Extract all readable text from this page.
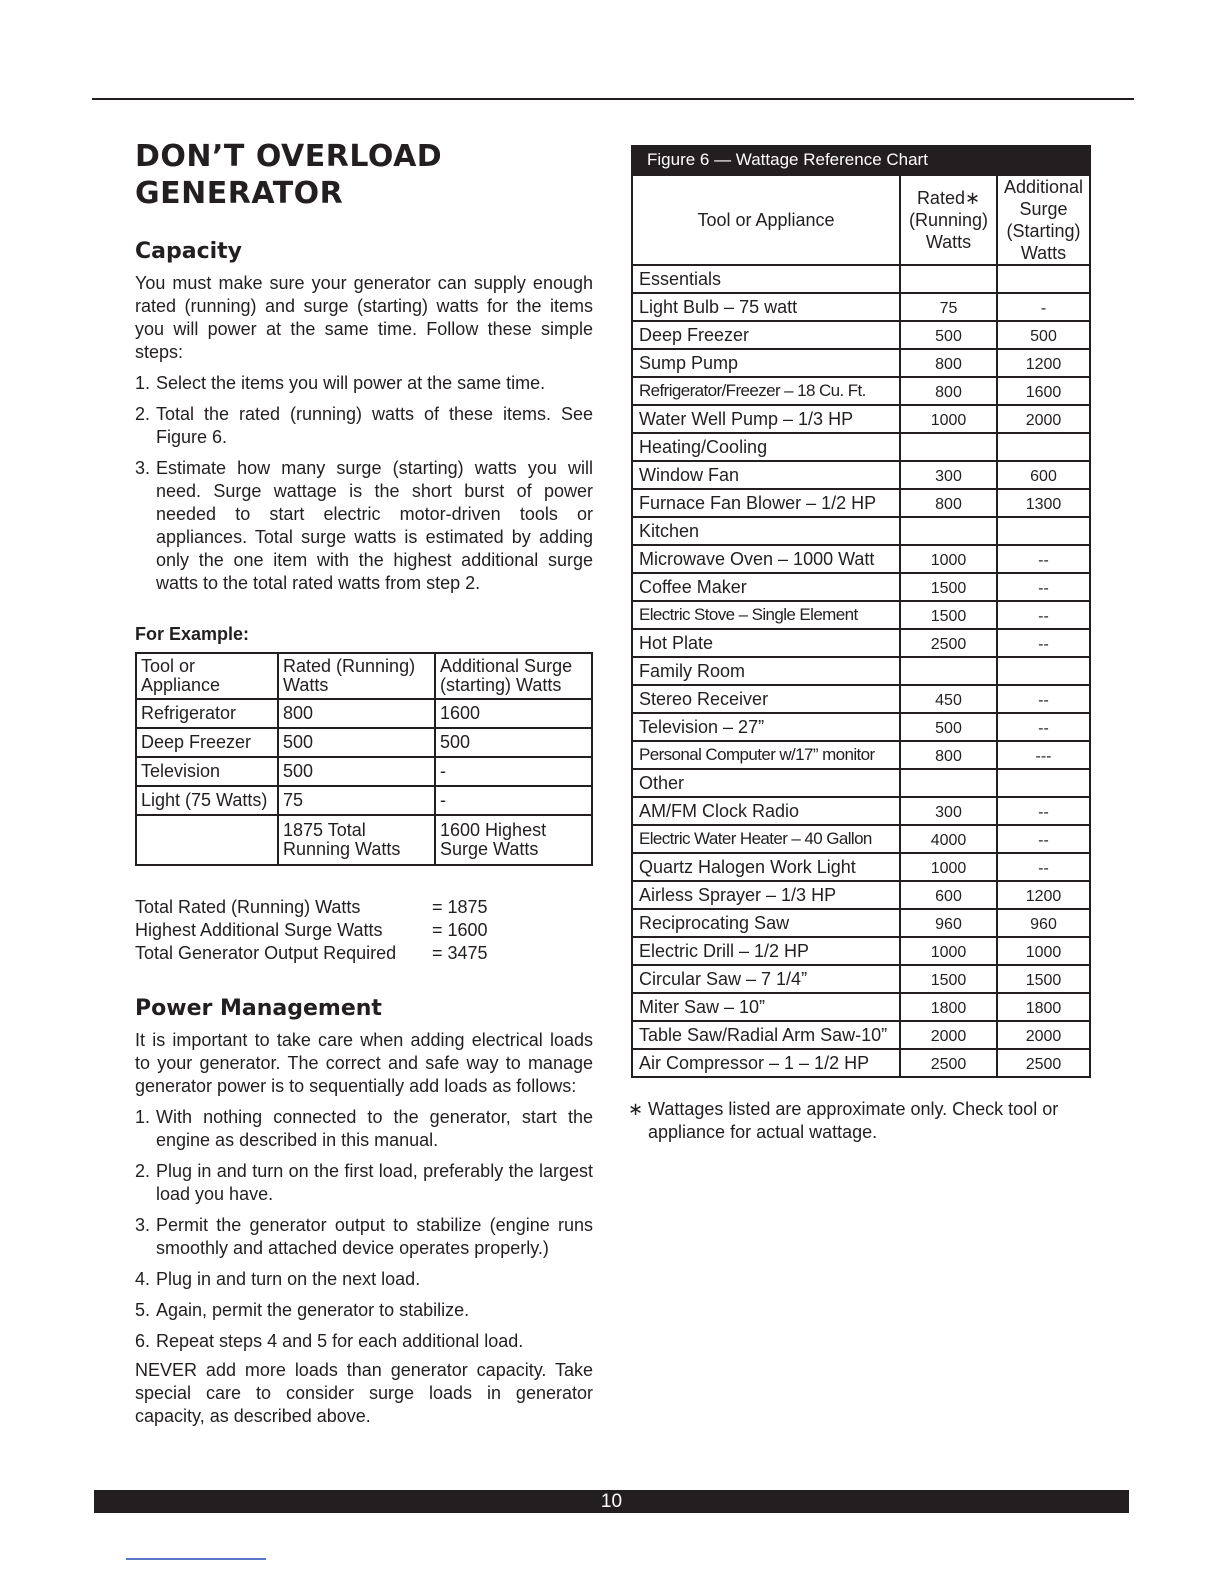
DON’T OVERLOAD GENERATOR
Capacity

You must make sure your generator can supply enough rated (running) and surge (starting) watts for the items you will power at the same time. Follow these simple steps:

1. Select the items you will power at the same time.
2. Total the rated (running) watts of these items. See Figure 6.
3. Estimate how many surge (starting) watts you will need. Surge wattage is the short burst of power needed to start electric motor-driven tools or appliances. Total surge watts is estimated by adding only the one item with the highest additional surge watts to the total rated watts from step 2.
For Example:
Tool or Appliance	Rated (Running) Watts	Additional Surge (starting) Watts
Refrigerator	800	1600
Deep Freezer	500	500
Television	500	-
Light (75 Watts)	75	-
	1875 Total Running Watts	1600 Highest Surge Watts
Total Rated (Running) Watts	= 1875
Highest Additional Surge Watts	= 1600
Total Generator Output Required	= 3475
Power Management

It is important to take care when adding electrical loads to your generator. The correct and safe way to manage generator power is to sequentially add loads as follows:

1. With nothing connected to the generator, start the engine as described in this manual.
2. Plug in and turn on the first load, preferably the largest load you have.
3. Permit the generator output to stabilize (engine runs smoothly and attached device operates properly.)
4. Plug in and turn on the next load.
5. Again, permit the generator to stabilize.
6. Repeat steps 4 and 5 for each additional load.

NEVER add more loads than generator capacity. Take special care to consider surge loads in generator capacity, as described above.

Figure 6 — Wattage Reference Chart
Tool or Appliance	Rated∗ (Running) Watts	Additional Surge (Starting) Watts
Essentials		
Light Bulb – 75 watt	75	-
Deep Freezer	500	500
Sump Pump	800	1200
Refrigerator/Freezer – 18 Cu. Ft.	800	1600
Water Well Pump – 1/3 HP	1000	2000
Heating/Cooling		
Window Fan	300	600
Furnace Fan Blower – 1/2 HP	800	1300
Kitchen		
Microwave Oven – 1000 Watt	1000	--
Coffee Maker	1500	--
Electric Stove – Single Element	1500	--
Hot Plate	2500	--
Family Room		
Stereo Receiver	450	--
Television – 27”	500	--
Personal Computer w/17” monitor	800	---
Other		
AM/FM Clock Radio	300	--
Electric Water Heater – 40 Gallon	4000	--
Quartz Halogen Work Light	1000	--
Airless Sprayer – 1/3 HP	600	1200
Reciprocating Saw	960	960
Electric Drill – 1/2 HP	1000	1000
Circular Saw – 7 1/4”	1500	1500
Miter Saw – 10”	1800	1800
Table Saw/Radial Arm Saw-10”	2000	2000
Air Compressor – 1 – 1/2 HP	2500	2500
∗ Wattages listed are approximate only. Check tool or appliance for actual wattage.
10
